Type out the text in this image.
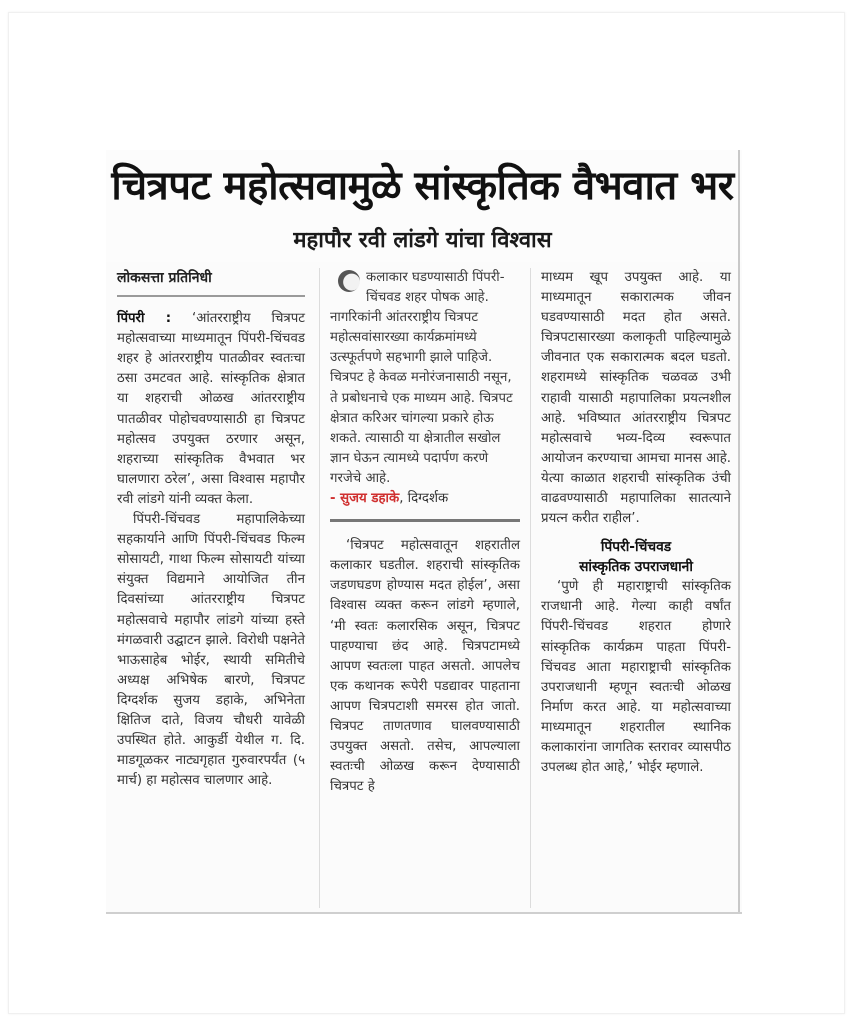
चित्रपट महोत्सवामुळे सांस्कृतिक वैभवात भर
महापौर रवी लांडगे यांचा विश्वास

लोकसत्ता प्रतिनिधी

पिंपरी : ‘आंतरराष्ट्रीय चित्रपट महोत्सवाच्या माध्यमातून पिंपरी-चिंचवड शहर हे आंतरराष्ट्रीय पातळीवर स्वतःचा ठसा उमटवत आहे. सांस्कृतिक क्षेत्रात या शहराची ओळख आंतरराष्ट्रीय पातळीवर पोहोचवण्यासाठी हा चित्रपट महोत्सव उपयुक्त ठरणार असून, शहराच्या सांस्कृतिक वैभवात भर घालणारा ठरेल’, असा विश्वास महापौर रवी लांडगे यांनी व्यक्त केला.

पिंपरी-चिंचवड महापालिकेच्या सहकार्याने आणि पिंपरी-चिंचवड फिल्म सोसायटी, गाथा फिल्म सोसायटी यांच्या संयुक्त विद्यमाने आयोजित तीन दिवसांच्या आंतरराष्ट्रीय चित्रपट महोत्सवाचे महापौर लांडगे यांच्या हस्ते मंगळवारी उद्घाटन झाले. विरोधी पक्षनेते भाऊसाहेब भोईर, स्थायी समितीचे अध्यक्ष अभिषेक बारणे, चित्रपट दिग्दर्शक सुजय डहाके, अभिनेता क्षितिज दाते, विजय चौधरी यावेळी उपस्थित होते. आकुर्डी येथील ग. दि. माडगूळकर नाट्यगृहात गुरुवारपर्यंत (५ मार्च) हा महोत्सव चालणार आहे.

कलाकार घडण्यासाठी पिंपरी-चिंचवड शहर पोषक आहे. नागरिकांनी आंतरराष्ट्रीय चित्रपट महोत्सवांसारख्या कार्यक्रमांमध्ये उत्स्फूर्तपणे सहभागी झाले पाहिजे. चित्रपट हे केवळ मनोरंजनासाठी नसून, ते प्रबोधनाचे एक माध्यम आहे. चित्रपट क्षेत्रात करिअर चांगल्या प्रकारे होऊ शकते. त्यासाठी या क्षेत्रातील सखोल ज्ञान घेऊन त्यामध्ये पदार्पण करणे गरजेचे आहे.
- सुजय डहाके, दिग्दर्शक

‘चित्रपट महोत्सवातून शहरातील कलाकार घडतील. शहराची सांस्कृतिक जडणघडण होण्यास मदत होईल’, असा विश्वास व्यक्त करून लांडगे म्हणाले, ‘मी स्वतः कलारसिक असून, चित्रपट पाहण्याचा छंद आहे. चित्रपटामध्ये आपण स्वतःला पाहत असतो. आपलेच एक कथानक रूपेरी पडद्यावर पाहताना आपण चित्रपटाशी समरस होत जातो. चित्रपट ताणतणाव घालवण्यासाठी उपयुक्त असतो. तसेच, आपल्याला स्वतःची ओळख करून देण्यासाठी चित्रपट हे

माध्यम खूप उपयुक्त आहे. या माध्यमातून सकारात्मक जीवन घडवण्यासाठी मदत होत असते. चित्रपटासारख्या कलाकृती पाहिल्यामुळे जीवनात एक सकारात्मक बदल घडतो. शहरामध्ये सांस्कृतिक चळवळ उभी राहावी यासाठी महापालिका प्रयत्नशील आहे. भविष्यात आंतरराष्ट्रीय चित्रपट महोत्सवाचे भव्य-दिव्य स्वरूपात आयोजन करण्याचा आमचा मानस आहे. येत्या काळात शहराची सांस्कृतिक उंची वाढवण्यासाठी महापालिका सातत्याने प्रयत्न करीत राहील’.

पिंपरी-चिंचवड
सांस्कृतिक उपराजधानी

‘पुणे ही महाराष्ट्राची सांस्कृतिक राजधानी आहे. गेल्या काही वर्षांत पिंपरी-चिंचवड शहरात होणारे सांस्कृतिक कार्यक्रम पाहता पिंपरी-चिंचवड आता महाराष्ट्राची सांस्कृतिक उपराजधानी म्हणून स्वतःची ओळख निर्माण करत आहे. या महोत्सवाच्या माध्यमातून शहरातील स्थानिक कलाकारांना जागतिक स्तरावर व्यासपीठ उपलब्ध होत आहे,’ भोईर म्हणाले.
